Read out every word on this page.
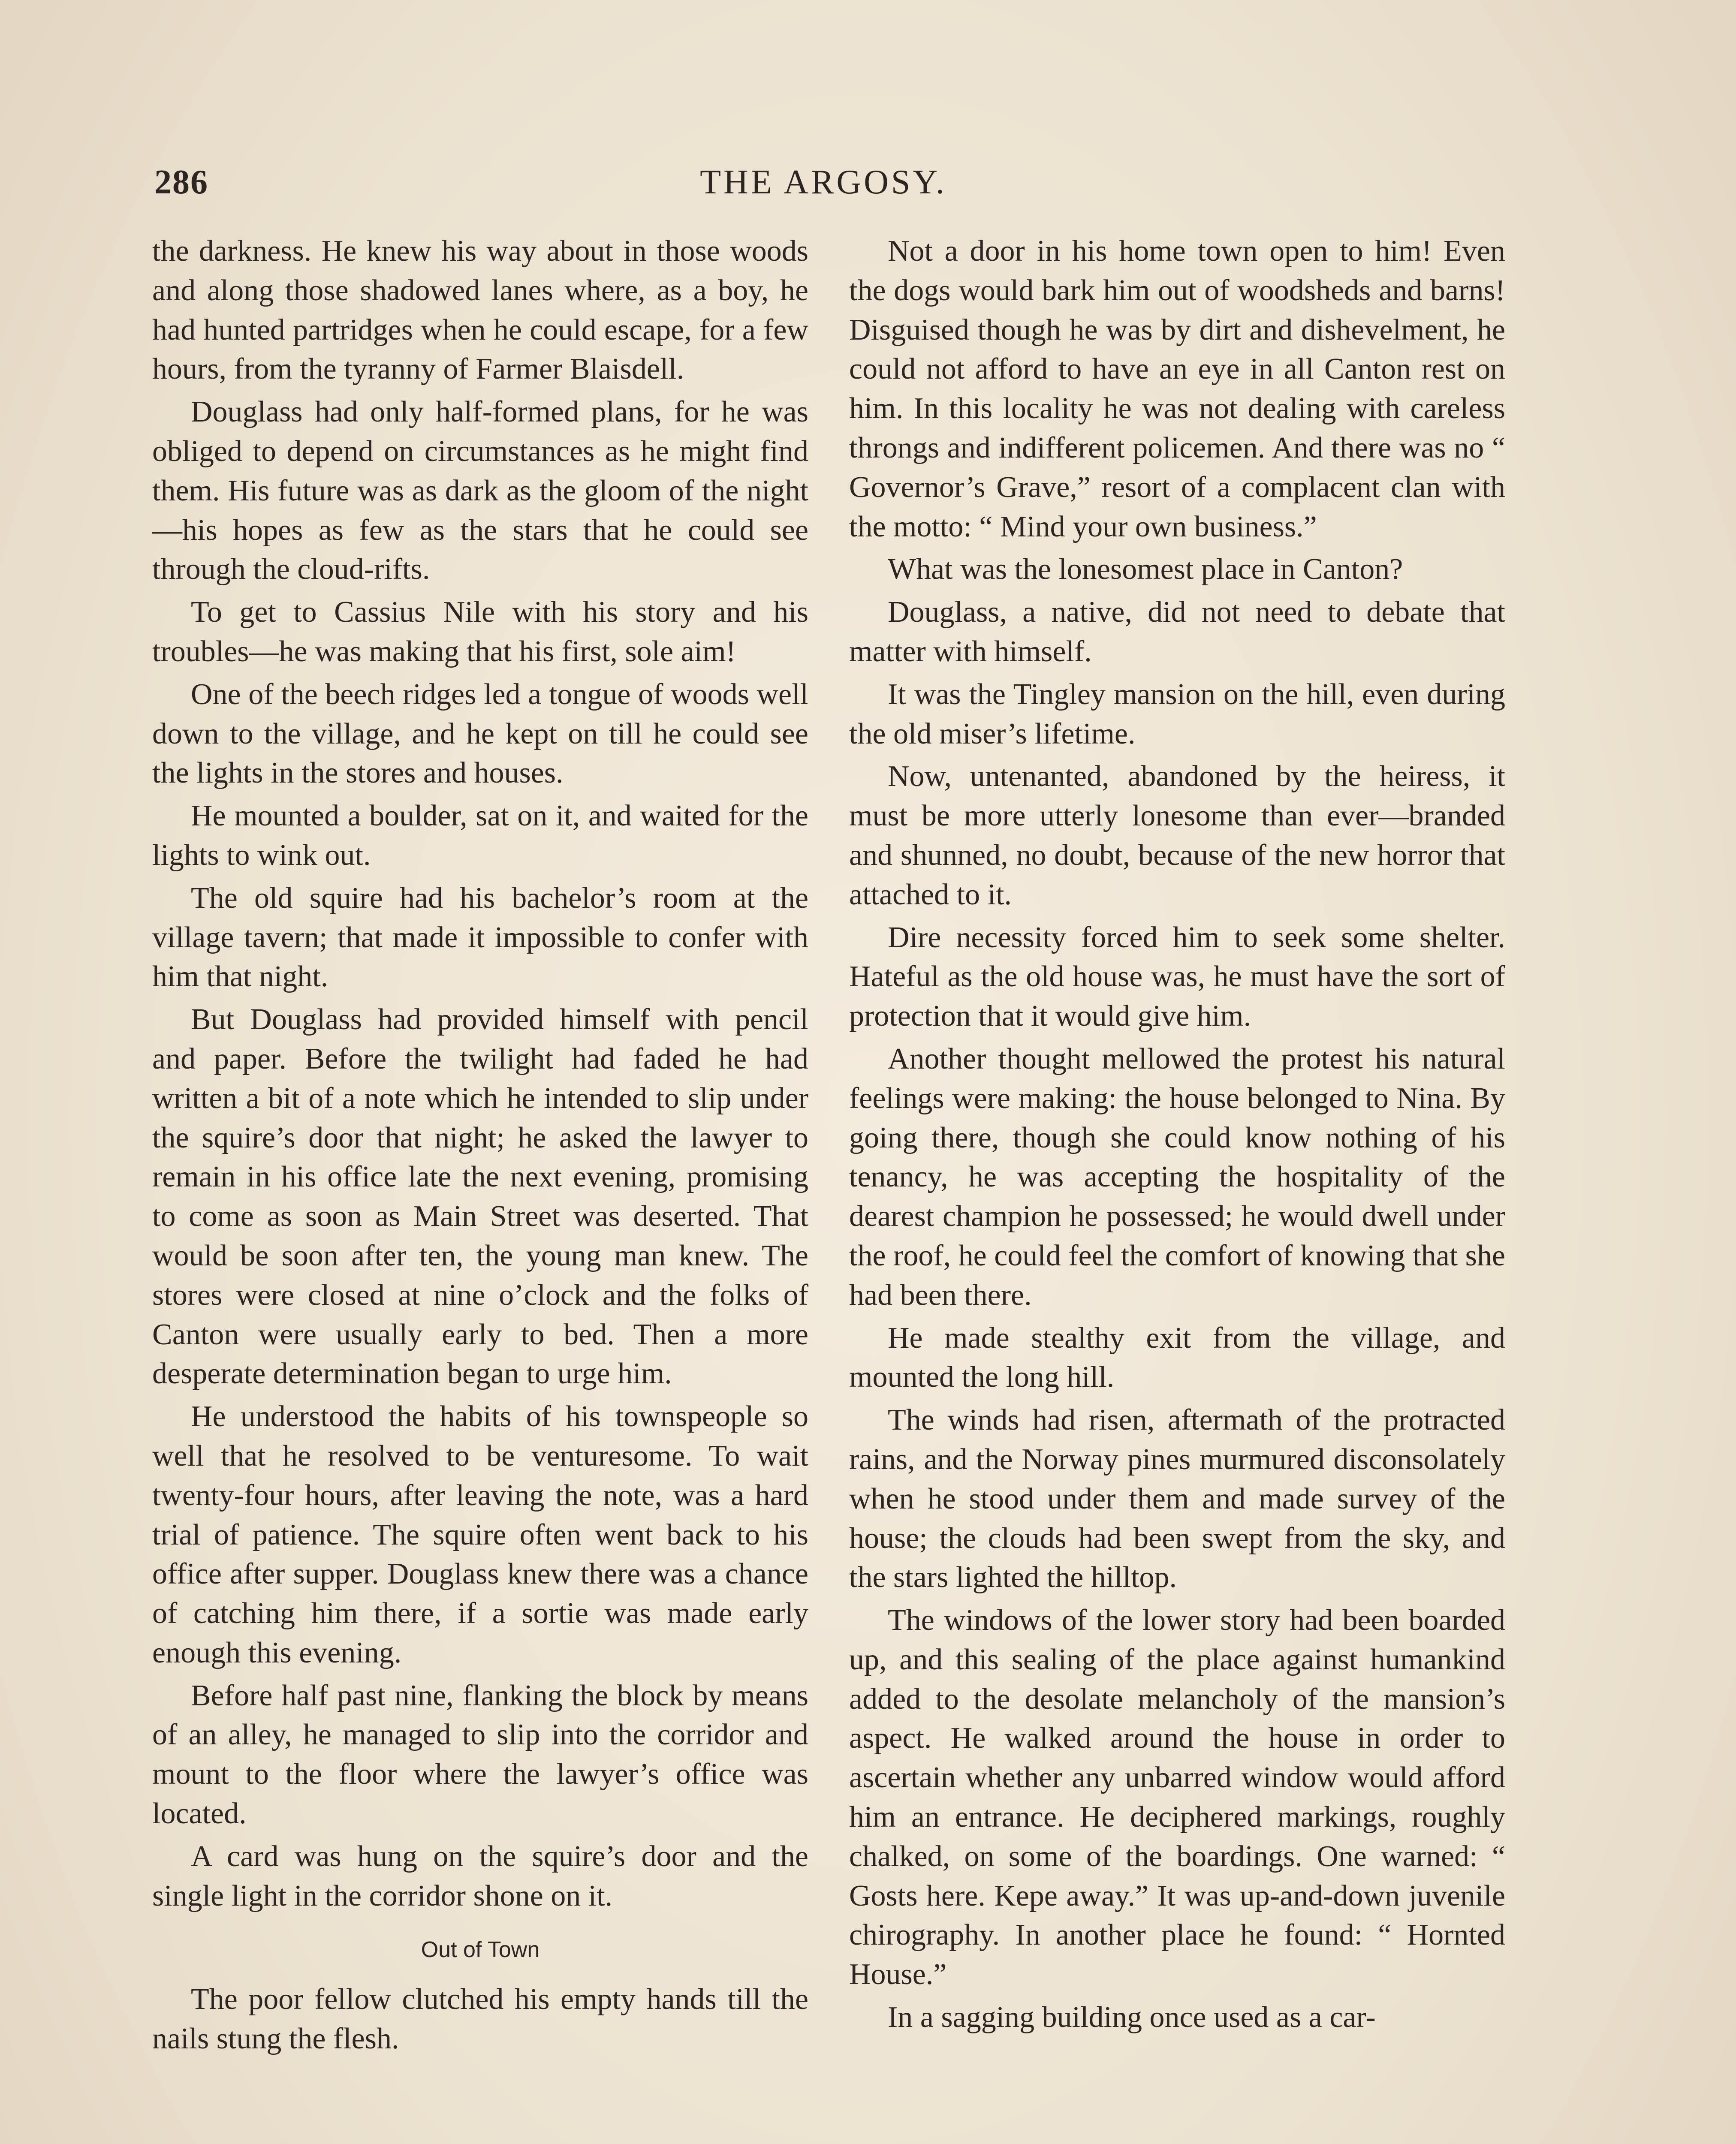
286	THE ARGOSY.

the darkness. He knew his way about in those woods and along those shadowed lanes where, as a boy, he had hunted partridges when he could escape, for a few hours, from the tyranny of Farmer Blaisdell.

Douglass had only half-formed plans, for he was obliged to depend on circumstances as he might find them. His future was as dark as the gloom of the night—his hopes as few as the stars that he could see through the cloud-rifts.

To get to Cassius Nile with his story and his troubles—he was making that his first, sole aim!

One of the beech ridges led a tongue of woods well down to the village, and he kept on till he could see the lights in the stores and houses.

He mounted a boulder, sat on it, and waited for the lights to wink out.

The old squire had his bachelor’s room at the village tavern; that made it impossible to confer with him that night.

But Douglass had provided himself with pencil and paper. Before the twilight had faded he had written a bit of a note which he intended to slip under the squire’s door that night; he asked the lawyer to remain in his office late the next evening, promising to come as soon as Main Street was deserted. That would be soon after ten, the young man knew. The stores were closed at nine o’clock and the folks of Canton were usually early to bed. Then a more desperate determination began to urge him.

He understood the habits of his townspeople so well that he resolved to be venturesome. To wait twenty-four hours, after leaving the note, was a hard trial of patience. The squire often went back to his office after supper. Douglass knew there was a chance of catching him there, if a sortie was made early enough this evening.

Before half past nine, flanking the block by means of an alley, he managed to slip into the corridor and mount to the floor where the lawyer’s office was located.

A card was hung on the squire’s door and the single light in the corridor shone on it.

Out of Town

The poor fellow clutched his empty hands till the nails stung the flesh.

Not a door in his home town open to him! Even the dogs would bark him out of woodsheds and barns! Disguised though he was by dirt and dishevelment, he could not afford to have an eye in all Canton rest on him. In this locality he was not dealing with careless throngs and indifferent policemen. And there was no “ Governor’s Grave,” resort of a complacent clan with the motto: “ Mind your own business.”

What was the lonesomest place in Canton?

Douglass, a native, did not need to debate that matter with himself.

It was the Tingley mansion on the hill, even during the old miser’s lifetime.

Now, untenanted, abandoned by the heiress, it must be more utterly lonesome than ever—branded and shunned, no doubt, because of the new horror that attached to it.

Dire necessity forced him to seek some shelter. Hateful as the old house was, he must have the sort of protection that it would give him.

Another thought mellowed the protest his natural feelings were making: the house belonged to Nina. By going there, though she could know nothing of his tenancy, he was accepting the hospitality of the dearest champion he possessed; he would dwell under the roof, he could feel the comfort of knowing that she had been there.

He made stealthy exit from the village, and mounted the long hill.

The winds had risen, aftermath of the protracted rains, and the Norway pines murmured disconsolately when he stood under them and made survey of the house; the clouds had been swept from the sky, and the stars lighted the hilltop.

The windows of the lower story had been boarded up, and this sealing of the place against humankind added to the desolate melancholy of the mansion’s aspect. He walked around the house in order to ascertain whether any unbarred window would afford him an entrance. He deciphered markings, roughly chalked, on some of the boardings. One warned: “ Gosts here. Kepe away.” It was up-and-down juvenile chirography. In another place he found: “ Hornted House.”

In a sagging building once used as a car-
